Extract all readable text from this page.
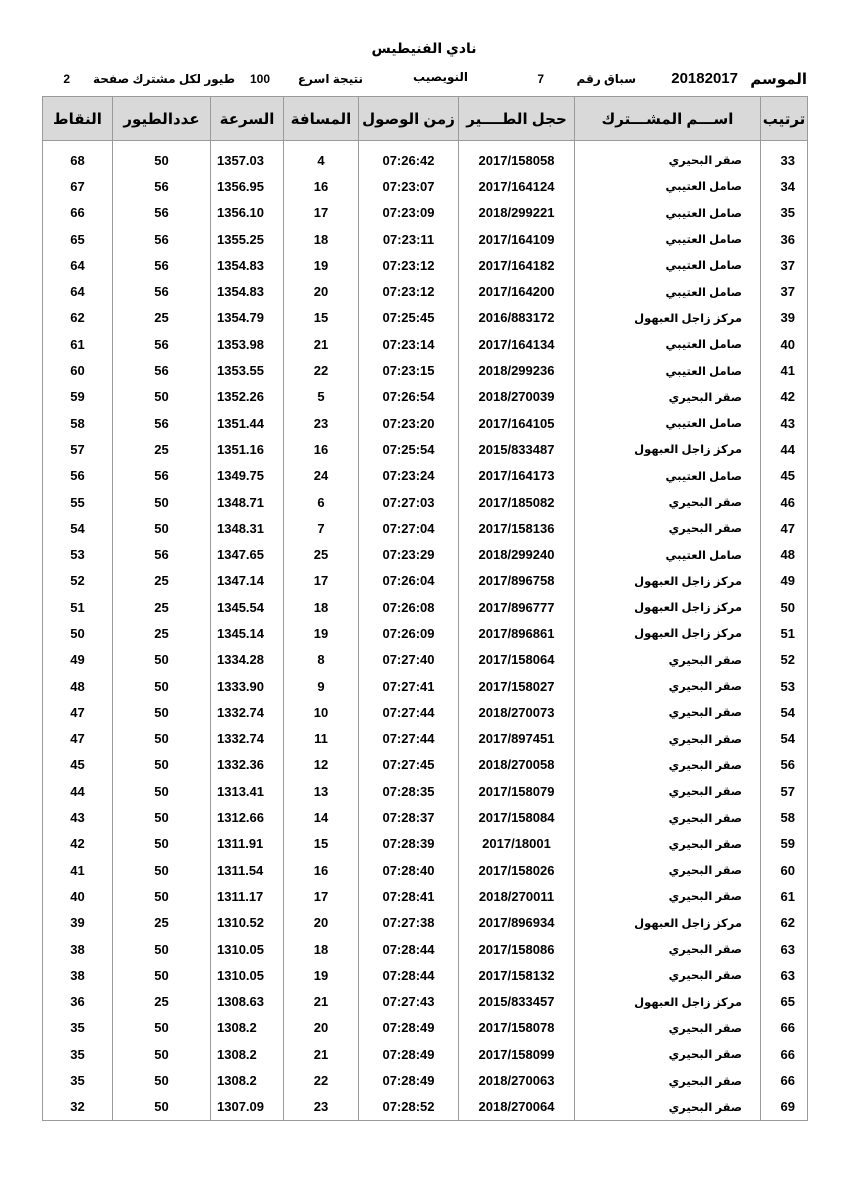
نادي الفنيطيس
الموسم
20182017
سباق رقم
7
النويصيب
نتيجة اسرع
100
طيور لكل مشترك صفحة
2
ترتيب	اســـم المشـــترك	حجل الطــــير	زمن الوصول	المسافة	السرعة	عددالطيور	النقاط

33	صقر البحيري	2017/158058	07:26:42	4	1357.03	50	68
34	صامل العتيبي	2017/164124	07:23:07	16	1356.95	56	67
35	صامل العتيبي	2018/299221	07:23:09	17	1356.10	56	66
36	صامل العتيبي	2017/164109	07:23:11	18	1355.25	56	65
37	صامل العتيبي	2017/164182	07:23:12	19	1354.83	56	64
37	صامل العتيبي	2017/164200	07:23:12	20	1354.83	56	64
39	مركز زاجل العبهول	2016/883172	07:25:45	15	1354.79	25	62
40	صامل العتيبي	2017/164134	07:23:14	21	1353.98	56	61
41	صامل العتيبي	2018/299236	07:23:15	22	1353.55	56	60
42	صقر البحيري	2018/270039	07:26:54	5	1352.26	50	59
43	صامل العتيبي	2017/164105	07:23:20	23	1351.44	56	58
44	مركز زاجل العبهول	2015/833487	07:25:54	16	1351.16	25	57
45	صامل العتيبي	2017/164173	07:23:24	24	1349.75	56	56
46	صقر البحيري	2017/185082	07:27:03	6	1348.71	50	55
47	صقر البحيري	2017/158136	07:27:04	7	1348.31	50	54
48	صامل العتيبي	2018/299240	07:23:29	25	1347.65	56	53
49	مركز زاجل العبهول	2017/896758	07:26:04	17	1347.14	25	52
50	مركز زاجل العبهول	2017/896777	07:26:08	18	1345.54	25	51
51	مركز زاجل العبهول	2017/896861	07:26:09	19	1345.14	25	50
52	صقر البحيري	2017/158064	07:27:40	8	1334.28	50	49
53	صقر البحيري	2017/158027	07:27:41	9	1333.90	50	48
54	صقر البحيري	2018/270073	07:27:44	10	1332.74	50	47
54	صقر البحيري	2017/897451	07:27:44	11	1332.74	50	47
56	صقر البحيري	2018/270058	07:27:45	12	1332.36	50	45
57	صقر البحيري	2017/158079	07:28:35	13	1313.41	50	44
58	صقر البحيري	2017/158084	07:28:37	14	1312.66	50	43
59	صقر البحيري	2017/18001	07:28:39	15	1311.91	50	42
60	صقر البحيري	2017/158026	07:28:40	16	1311.54	50	41
61	صقر البحيري	2018/270011	07:28:41	17	1311.17	50	40
62	مركز زاجل العبهول	2017/896934	07:27:38	20	1310.52	25	39
63	صقر البحيري	2017/158086	07:28:44	18	1310.05	50	38
63	صقر البحيري	2017/158132	07:28:44	19	1310.05	50	38
65	مركز زاجل العبهول	2015/833457	07:27:43	21	1308.63	25	36
66	صقر البحيري	2017/158078	07:28:49	20	1308.2	50	35
66	صقر البحيري	2017/158099	07:28:49	21	1308.2	50	35
66	صقر البحيري	2018/270063	07:28:49	22	1308.2	50	35
69	صقر البحيري	2018/270064	07:28:52	23	1307.09	50	32
